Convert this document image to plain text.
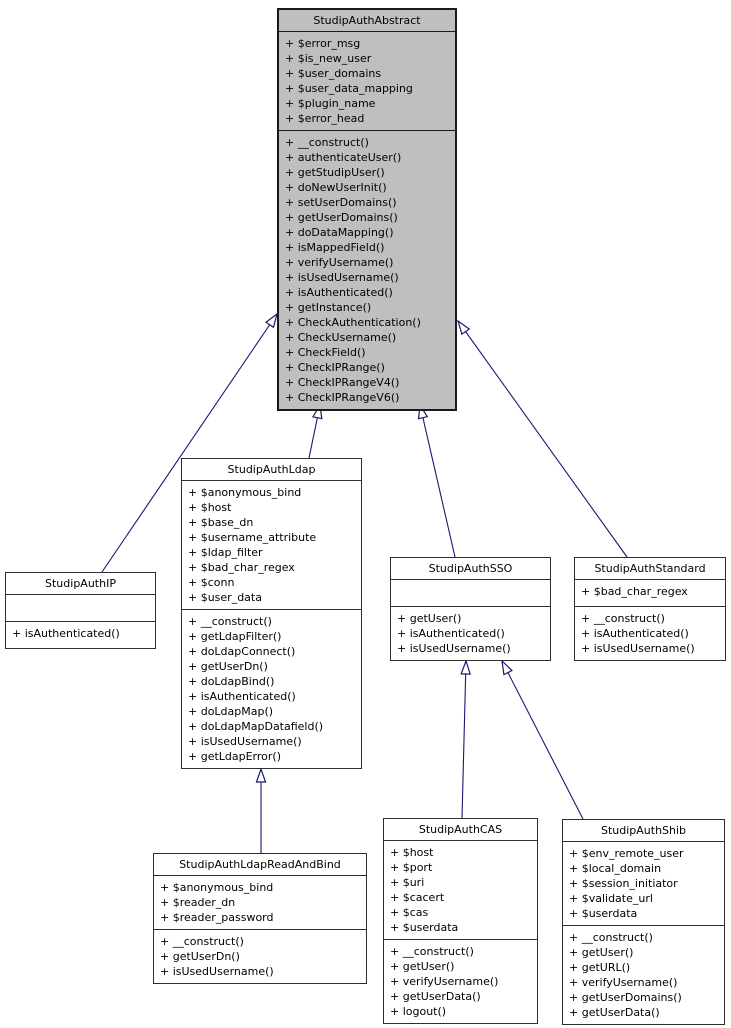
StudipAuthAbstract
+ $error_msg
+ $is_new_user
+ $user_domains
+ $user_data_mapping
+ $plugin_name
+ $error_head
+ __construct()
+ authenticateUser()
+ getStudipUser()
+ doNewUserInit()
+ setUserDomains()
+ getUserDomains()
+ doDataMapping()
+ isMappedField()
+ verifyUsername()
+ isUsedUsername()
+ isAuthenticated()
+ getInstance()
+ CheckAuthentication()
+ CheckUsername()
+ CheckField()
+ CheckIPRange()
+ CheckIPRangeV4()
+ CheckIPRangeV6()
StudipAuthLdap
+ $anonymous_bind
+ $host
+ $base_dn
+ $username_attribute
+ $ldap_filter
+ $bad_char_regex
+ $conn
+ $user_data
+ __construct()
+ getLdapFilter()
+ doLdapConnect()
+ getUserDn()
+ doLdapBind()
+ isAuthenticated()
+ doLdapMap()
+ doLdapMapDatafield()
+ isUsedUsername()
+ getLdapError()
StudipAuthIP
+ isAuthenticated()
StudipAuthSSO
+ getUser()
+ isAuthenticated()
+ isUsedUsername()
StudipAuthStandard
+ $bad_char_regex
+ __construct()
+ isAuthenticated()
+ isUsedUsername()
StudipAuthLdapReadAndBind
+ $anonymous_bind
+ $reader_dn
+ $reader_password
+ __construct()
+ getUserDn()
+ isUsedUsername()
StudipAuthCAS
+ $host
+ $port
+ $uri
+ $cacert
+ $cas
+ $userdata
+ __construct()
+ getUser()
+ verifyUsername()
+ getUserData()
+ logout()
StudipAuthShib
+ $env_remote_user
+ $local_domain
+ $session_initiator
+ $validate_url
+ $userdata
+ __construct()
+ getUser()
+ getURL()
+ verifyUsername()
+ getUserDomains()
+ getUserData()
